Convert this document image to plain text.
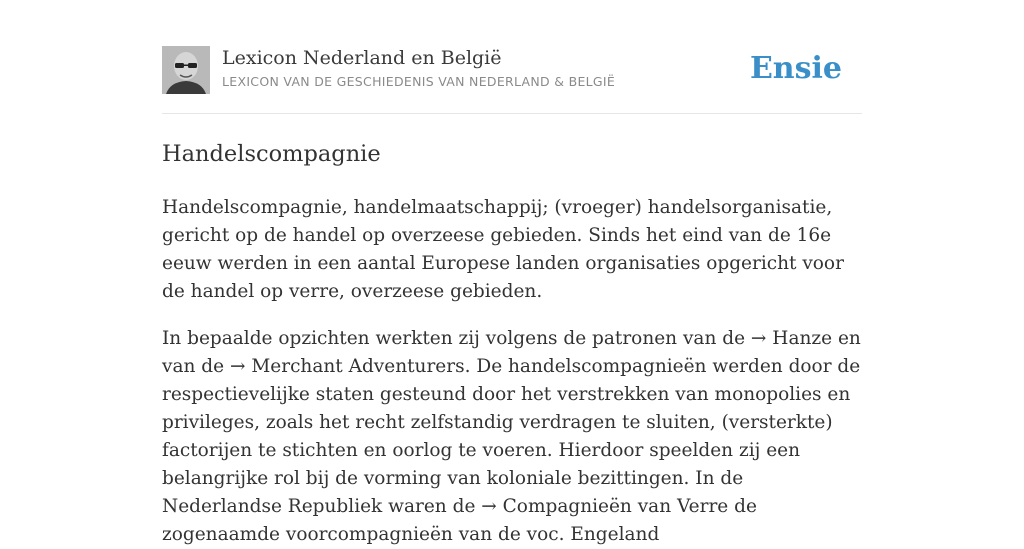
Lexicon Nederland en België
LEXICON VAN DE GESCHIEDENIS VAN NEDERLAND & BELGIË	Ensie
Handelscompagnie

Handelscompagnie, handelmaatschappij; (vroeger) handelsorganisatie, gericht op de handel op overzeese gebieden. Sinds het eind van de 16e eeuw werden in een aantal Europese landen organisaties opgericht voor de handel op verre, overzeese gebieden.

In bepaalde opzichten werkten zij volgens de patronen van de → Hanze en van de → Merchant Adventurers. De handelscompagnieën werden door de respectievelijke staten gesteund door het verstrekken van monopolies en privileges, zoals het recht zelfstandig verdragen te sluiten, (versterkte) factorijen te stichten en oorlog te voeren. Hierdoor speelden zij een belangrijke rol bij de vorming van koloniale bezittingen. In de Nederlandse Republiek waren de → Compagnieën van Verre de zogenaamde voorcompagnieën van de voc. Engeland
